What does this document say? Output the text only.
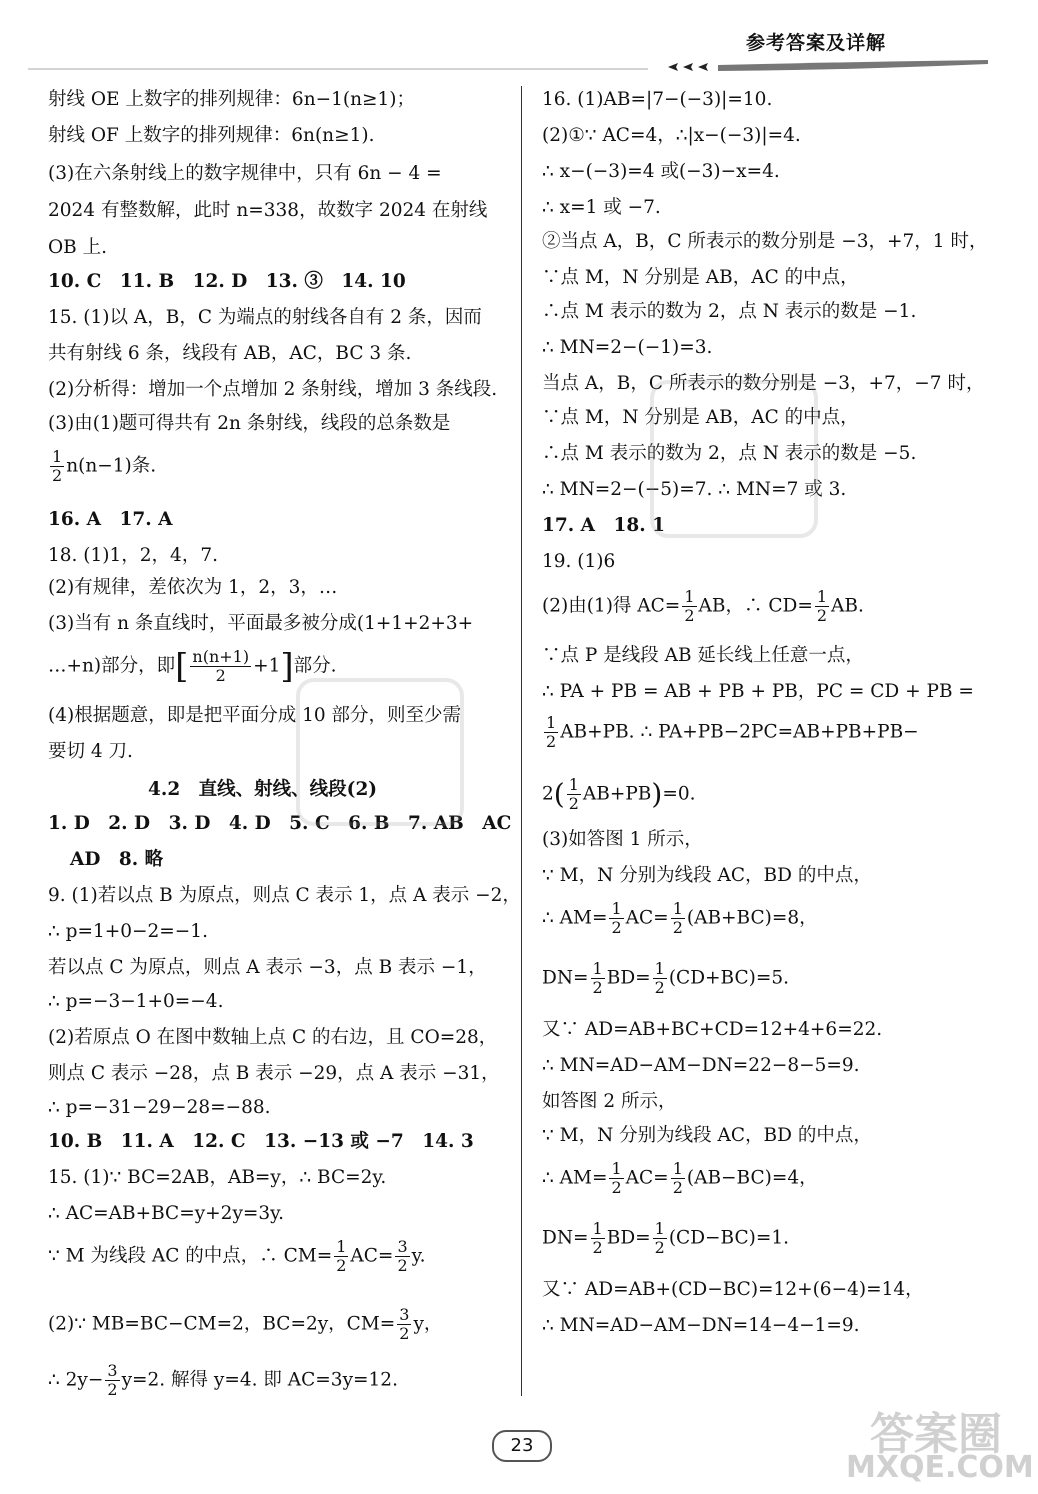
参考答案及详解
射线 OE 上数字的排列规律：6n−1(n≥1)；
射线 OF 上数字的排列规律：6n(n≥1).
(3)在六条射线上的数字规律中，只有 6n − 4 =
2024 有整数解，此时 n=338，故数字 2024 在射线
OB 上.
10. C　11. B　12. D　13. ③　14. 10
15. (1)以 A，B，C 为端点的射线各自有 2 条，因而
共有射线 6 条，线段有 AB，AC，BC 3 条.
(2)分析得：增加一个点增加 2 条射线，增加 3 条线段.
(3)由(1)题可得共有 2n 条射线，线段的总条数是
$\frac{1}{2} n(n-1)$条.
16. A　17. A
18. (1)1，2，4，7.
(2)有规律，差依次为 1，2，3，…
(3)当有 n 条直线时，平面最多被分成(1+1+2+3+
…+n)部分，即[ $\frac{n(n+1)}{2} +1$]部分.
(4)根据题意，即是把平面分成 10 部分，则至少需
要切 4 刀.
4.2　直线、射线、线段(2)
1. D　2. D　3. D　4. D　5. C　6. B　7. AB　AC
AD　8. 略
9. (1)若以点 B 为原点，则点 C 表示 1，点 A 表示 −2，
∴ p=1+0−2=−1.
若以点 C 为原点，则点 A 表示 −3，点 B 表示 −1，
∴ p=−3−1+0=−4.
(2)若原点 O 在图中数轴上点 C 的右边，且 CO=28，
则点 C 表示 −28，点 B 表示 −29，点 A 表示 −31，
∴ p=−31−29−28=−88.
10. B　11. A　12. C　13. −13 或 −7　14. 3
15. (1)∵ BC=2AB，AB=y，∴ BC=2y.
∴ AC=AB+BC=y+2y=3y.
∵ M 为线段 AC 的中点，∴ $CM= \frac{1}{2} AC= \frac{3}{2} y$.
(2)∵ MB=BC−CM=2，BC=2y，$CM= \frac{3}{2}$ y，
∴ $2y- \frac{3}{2} y=2$. 解得 y=4. 即 AC=3y=12.
16. (1)AB=|7−(−3)|=10.
(2)①∵ AC=4，∴|x−(−3)|=4.
∴ x−(−3)=4 或(−3)−x=4.
∴ x=1 或 −7.
②当点 A，B，C 所表示的数分别是 −3，+7，1 时，
∵点 M，N 分别是 AB，AC 的中点，
∴点 M 表示的数为 2，点 N 表示的数是 −1.
∴ MN=2−(−1)=3.
当点 A，B，C 所表示的数分别是 −3，+7，−7 时，
∵点 M，N 分别是 AB，AC 的中点，
∴点 M 表示的数为 2，点 N 表示的数是 −5.
∴ MN=2−(−5)=7. ∴ MN=7 或 3.
17. A　18. 1
19. (1)6
(2)由(1)得 $AC= \frac{1}{2}$ AB，∴ $CD= \frac{1}{2}$ AB.
∵点 P 是线段 AB 延长线上任意一点，
∴ PA + PB = AB + PB + PB，PC = CD + PB =
$\frac{1}{2} AB+PB$. ∴ PA+PB−2PC=AB+PB+PB−
$2( \frac{1}{2} AB+PB)=0$.
(3)如答图 1 所示，
∵ M，N 分别为线段 AC，BD 的中点，
∴ $AM= \frac{1}{2} AC= \frac{1}{2} (AB+BC)=8$，
$DN= \frac{1}{2} BD= \frac{1}{2} (CD+BC)=5$.
又∵ AD=AB+BC+CD=12+4+6=22.
∴ MN=AD−AM−DN=22−8−5=9.
如答图 2 所示，
∵ M，N 分别为线段 AC，BD 的中点，
∴ $AM= \frac{1}{2} AC= \frac{1}{2} (AB-BC)=4$，
$DN= \frac{1}{2} BD= \frac{1}{2} (CD-BC)=1$.
又∵ AD=AB+(CD−BC)=12+(6−4)=14，
∴ MN=AD−AM−DN=14−4−1=9.
答案圈
MXQE.COM
23
